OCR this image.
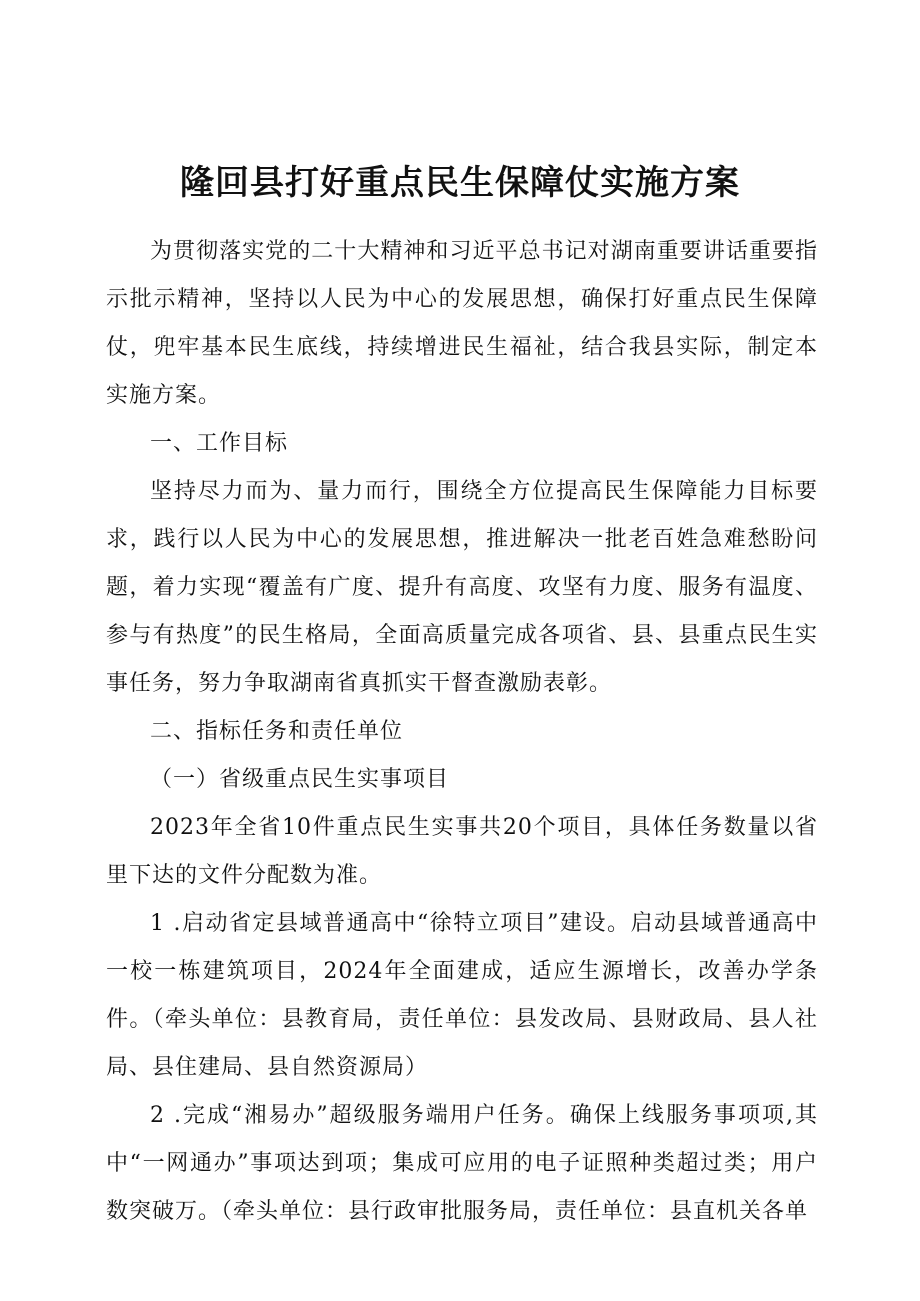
隆回县打好重点民生保障仗实施方案

为贯彻落实党的二十大精神和习近平总书记对湖南重要讲话重要指示批示精神，坚持以人民为中心的发展思想，确保打好重点民生保障仗，兜牢基本民生底线，持续增进民生福祉，结合我县实际，制定本实施方案。

一、工作目标

坚持尽力而为、量力而行，围绕全方位提高民生保障能力目标要求，践行以人民为中心的发展思想，推进解决一批老百姓急难愁盼问题，着力实现“覆盖有广度、提升有高度、攻坚有力度、服务有温度、参与有热度”的民生格局，全面高质量完成各项省、县、县重点民生实事任务，努力争取湖南省真抓实干督查激励表彰。

二、指标任务和责任单位

（一）省级重点民生实事项目

2023年全省10件重点民生实事共20个项目，具体任务数量以省里下达的文件分配数为准。

1 .启动省定县域普通高中“徐特立项目”建设。启动县域普通高中一校一栋建筑项目，2024年全面建成，适应生源增长，改善办学条件。（牵头单位：县教育局，责任单位：县发改局、县财政局、县人社局、县住建局、县自然资源局）

2 .完成“湘易办”超级服务端用户任务。确保上线服务事项项,其中“一网通办”事项达到项；集成可应用的电子证照种类超过类；用户数突破万。（牵头单位：县行政审批服务局，责任单位：县直机关各单
